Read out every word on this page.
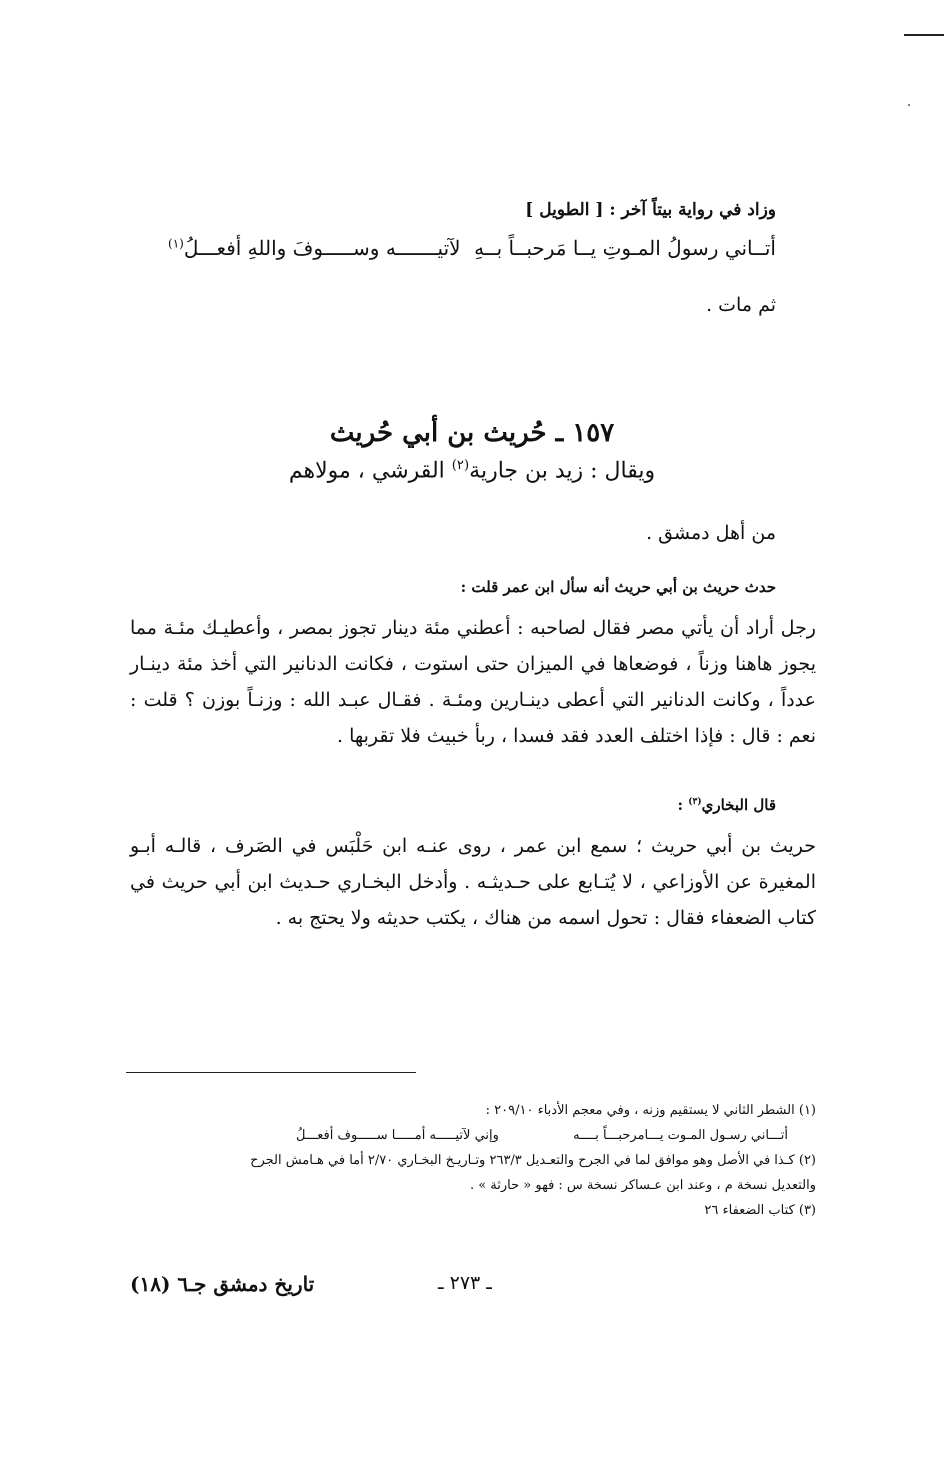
وزاد في رواية بيتاً آخر : [ الطويل ]
أتــاني رسولُ المـوتِ يــا مَرحبــاً بــهِ
لآتيـــــــه وســـــوفَ واللهِ أفعـــلُ$^{(١)}$
ثم مات .
١٥٧ ـ حُريث بن أبي حُريث
ويقال : زيد بن جارية$^{(٢)}$ القرشي ، مولاهم
من أهل دمشق .
حدث حريث بن أبي حريث أنه سأل ابن عمر قلت :
رجل أراد أن يأتي مصر فقال لصاحبه : أعطني مئة دينار تجوز بمصر ، وأعطيـك مئـة مما يجوز هاهنا وزناً ، فوضعاها في الميزان حتى استوت ، فكانت الدنانير التي أخذ مئة دينـار عدداً ، وكانت الدنانير التي أعطى دينـارين ومئـة . فقـال عبـد الله : وزنـاً بوزن ؟ قلت : نعم : قال : فإذا اختلف العدد فقد فسدا ، ربأ خبيث فلا تقربها .
قال البخاري$^{(٣)}$ :
حريث بن أبي حريث ؛ سمع ابن عمر ، روى عنـه ابن حَلْبَس في الصَرف ، قالـه أبـو المغيرة عن الأوزاعي ، لا يُتـابع على حـديثـه . وأدخل البخـاري حـديث ابن أبي حريث في كتاب الضعفاء فقال : تحول اسمه من هناك ، يكتب حديثه ولا يحتج به .
(١) الشطر الثاني لا يستقيم وزنه ، وفي معجم الأدباء ٢٠٩/١٠ :
أتـــاني رسـول المـوت يـــامرحبـــاً بــــه
وإني لآتيـــــه أمـــــا ســـــوف أفعـــلُ
(٢) كـذا في الأصل وهو موافق لما في الجرح والتعـديل ٢٦٣/٣ وتـاريـخ البخـاري ٢/٧٠ أما في هـامش الجرح
والتعديل نسخة م ، وعند ابن عـساكر نسخة س : فهو « حارثة » .
(٣) كتاب الضعفاء ٢٦
ـ ٢٧٣ ـ
تاريخ دمشق جـ٦ (١٨)
